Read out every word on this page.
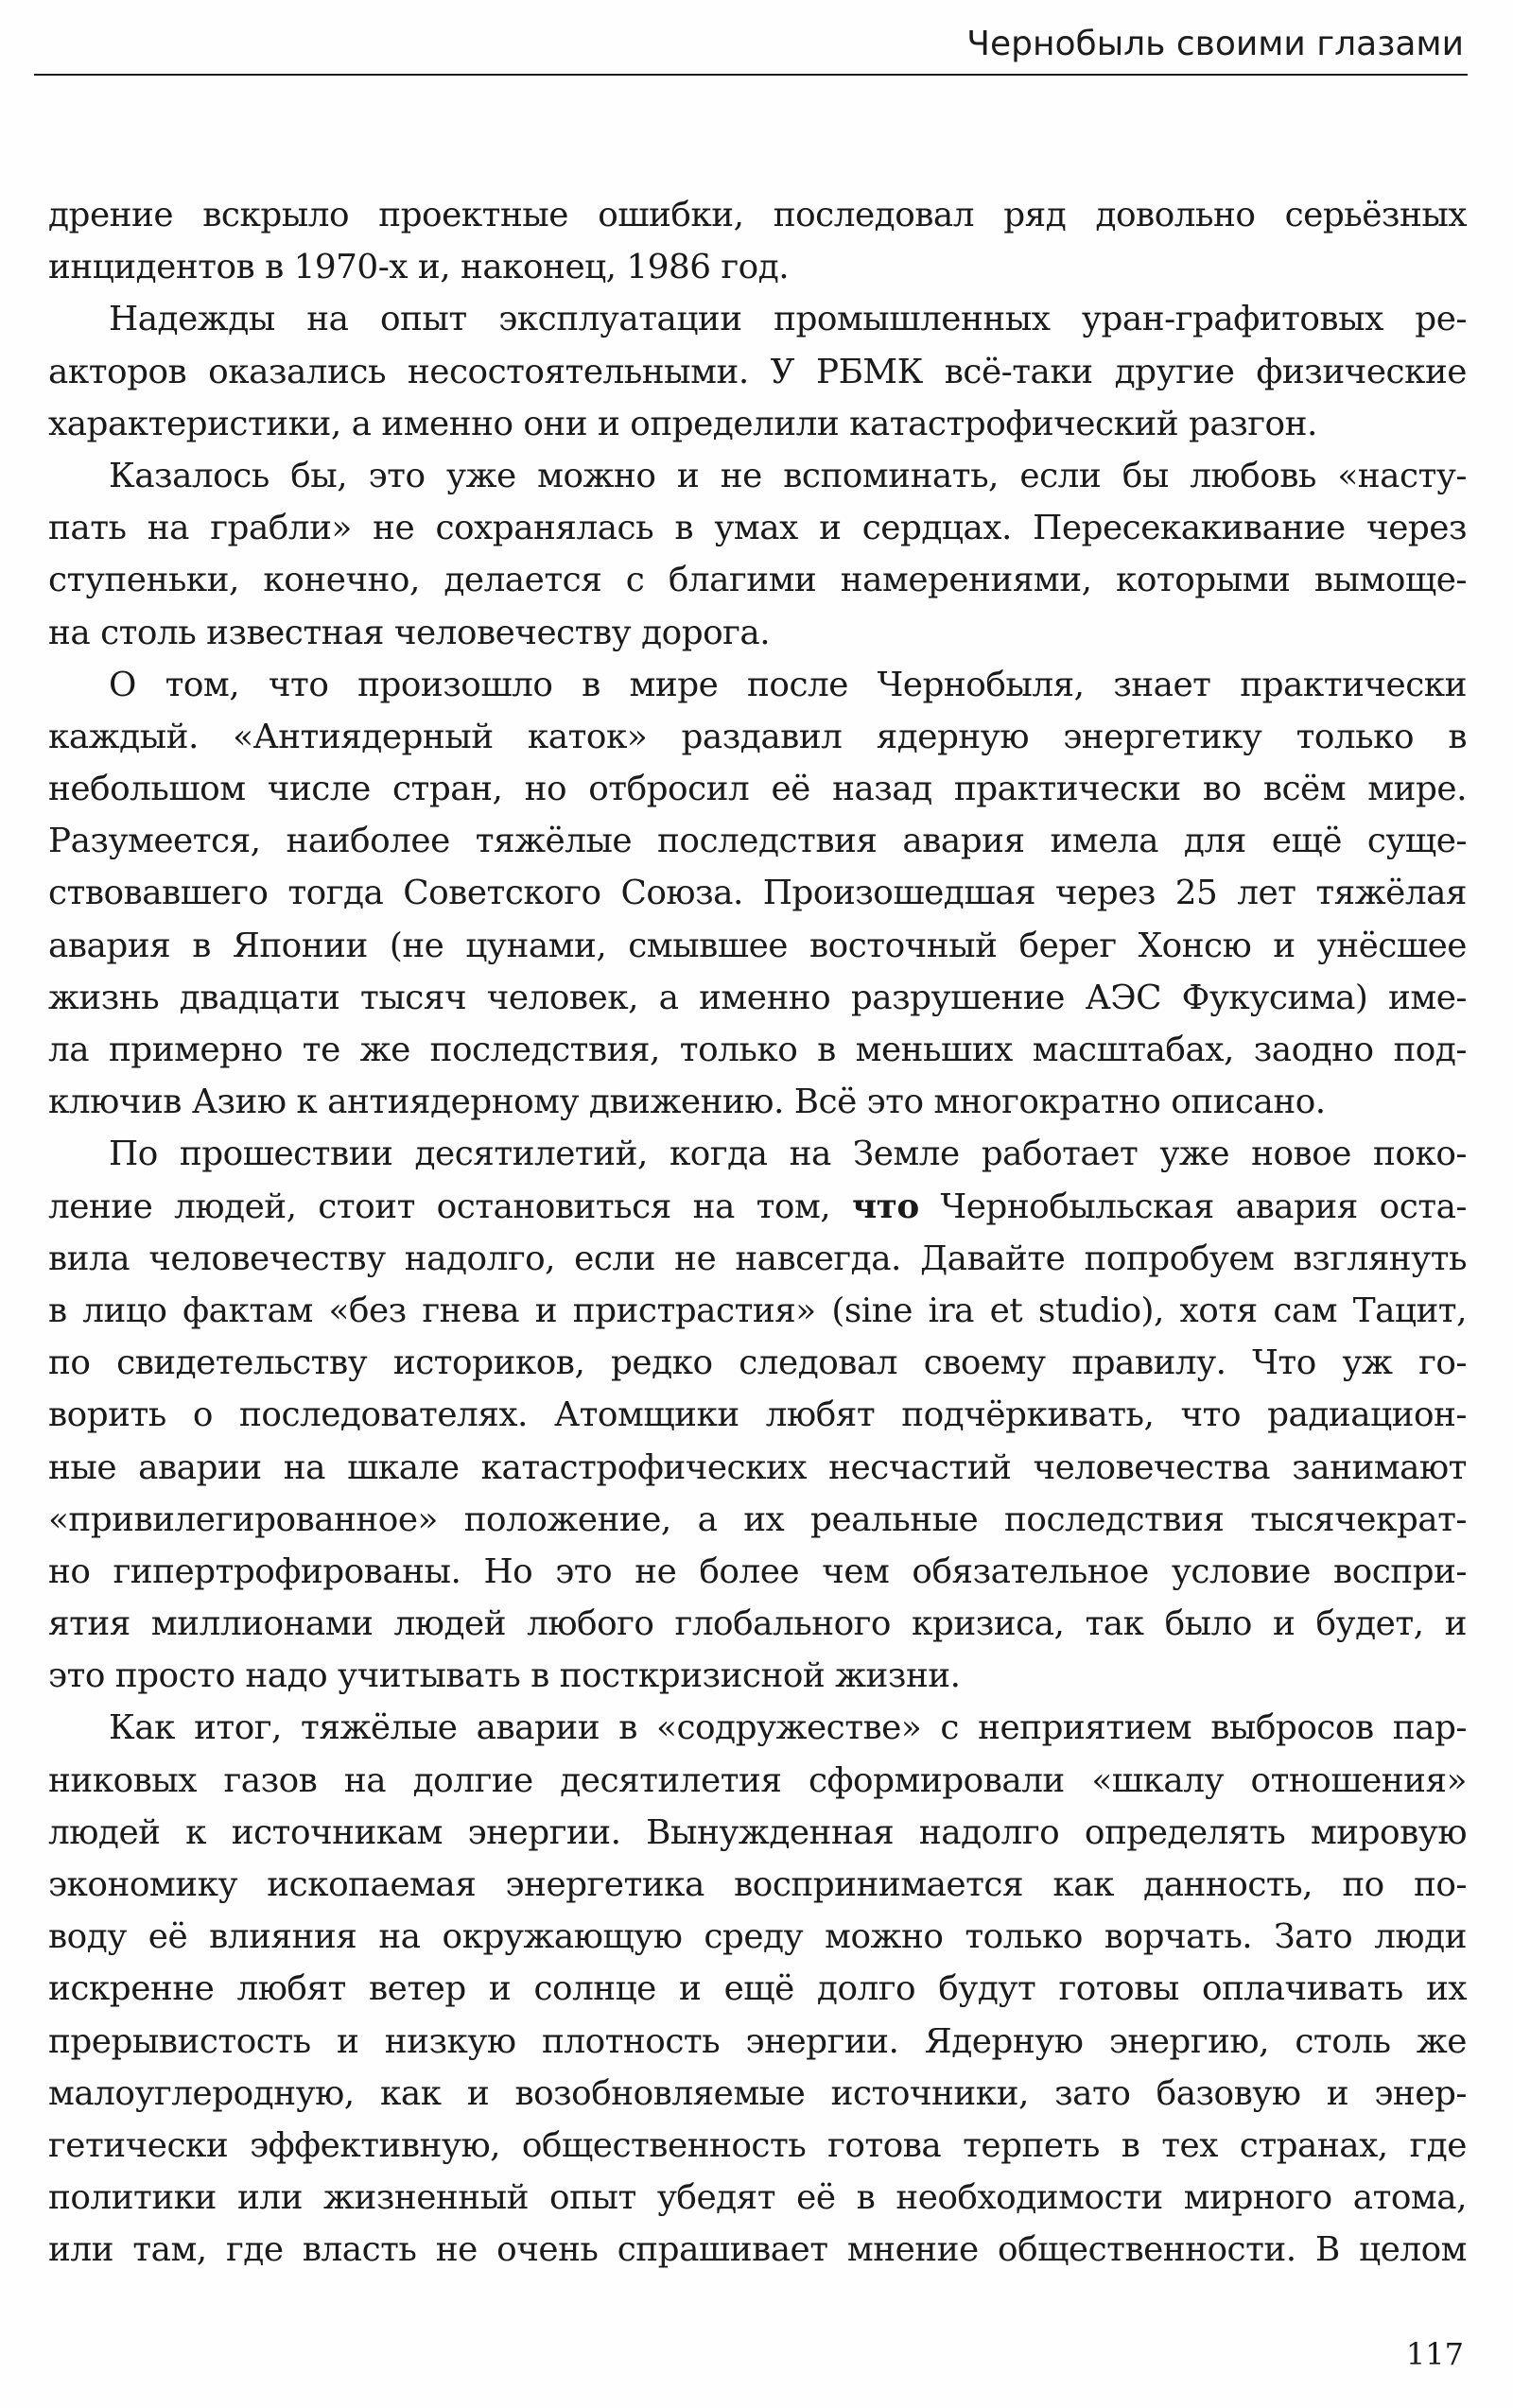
Чернобыль своими глазами
дрение вскрыло проектные ошибки, последовал ряд довольно серьёзных
инцидентов в 1970-х и, наконец, 1986 год.
Надежды на опыт эксплуатации промышленных уран-графитовых ре-
акторов оказались несостоятельными. У РБМК всё-таки другие физические
характеристики, а именно они и определили катастрофический разгон.
Казалось бы, это уже можно и не вспоминать, если бы любовь «насту-
пать на грабли» не сохранялась в умах и сердцах. Пересекакивание через
ступеньки, конечно, делается с благими намерениями, которыми вымоще-
на столь известная человечеству дорога.
О том, что произошло в мире после Чернобыля, знает практически
каждый. «Антиядерный каток» раздавил ядерную энергетику только в
небольшом числе стран, но отбросил её назад практически во всём мире.
Разумеется, наиболее тяжёлые последствия авария имела для ещё суще-
ствовавшего тогда Советского Союза. Произошедшая через 25 лет тяжёлая
авария в Японии (не цунами, смывшее восточный берег Хонсю и унёсшее
жизнь двадцати тысяч человек, а именно разрушение АЭС Фукусима) име-
ла примерно те же последствия, только в меньших масштабах, заодно под-
ключив Азию к антиядерному движению. Всё это многократно описано.
По прошествии десятилетий, когда на Земле работает уже новое поко-
ление людей, стоит остановиться на том, что Чернобыльская авария оста-
вила человечеству надолго, если не навсегда. Давайте попробуем взглянуть
в лицо фактам «без гнева и пристрастия» (sine ira et studio), хотя сам Тацит,
по свидетельству историков, редко следовал своему правилу. Что уж го-
ворить о последователях. Атомщики любят подчёркивать, что радиацион-
ные аварии на шкале катастрофических несчастий человечества занимают
«привилегированное» положение, а их реальные последствия тысячекрат-
но гипертрофированы. Но это не более чем обязательное условие воспри-
ятия миллионами людей любого глобального кризиса, так было и будет, и
это просто надо учитывать в посткризисной жизни.
Как итог, тяжёлые аварии в «содружестве» с неприятием выбросов пар-
никовых газов на долгие десятилетия сформировали «шкалу отношения»
людей к источникам энергии. Вынужденная надолго определять мировую
экономику ископаемая энергетика воспринимается как данность, по по-
воду её влияния на окружающую среду можно только ворчать. Зато люди
искренне любят ветер и солнце и ещё долго будут готовы оплачивать их
прерывистость и низкую плотность энергии. Ядерную энергию, столь же
малоуглеродную, как и возобновляемые источники, зато базовую и энер-
гетически эффективную, общественность готова терпеть в тех странах, где
политики или жизненный опыт убедят её в необходимости мирного атома,
или там, где власть не очень спрашивает мнение общественности. В целом
117
